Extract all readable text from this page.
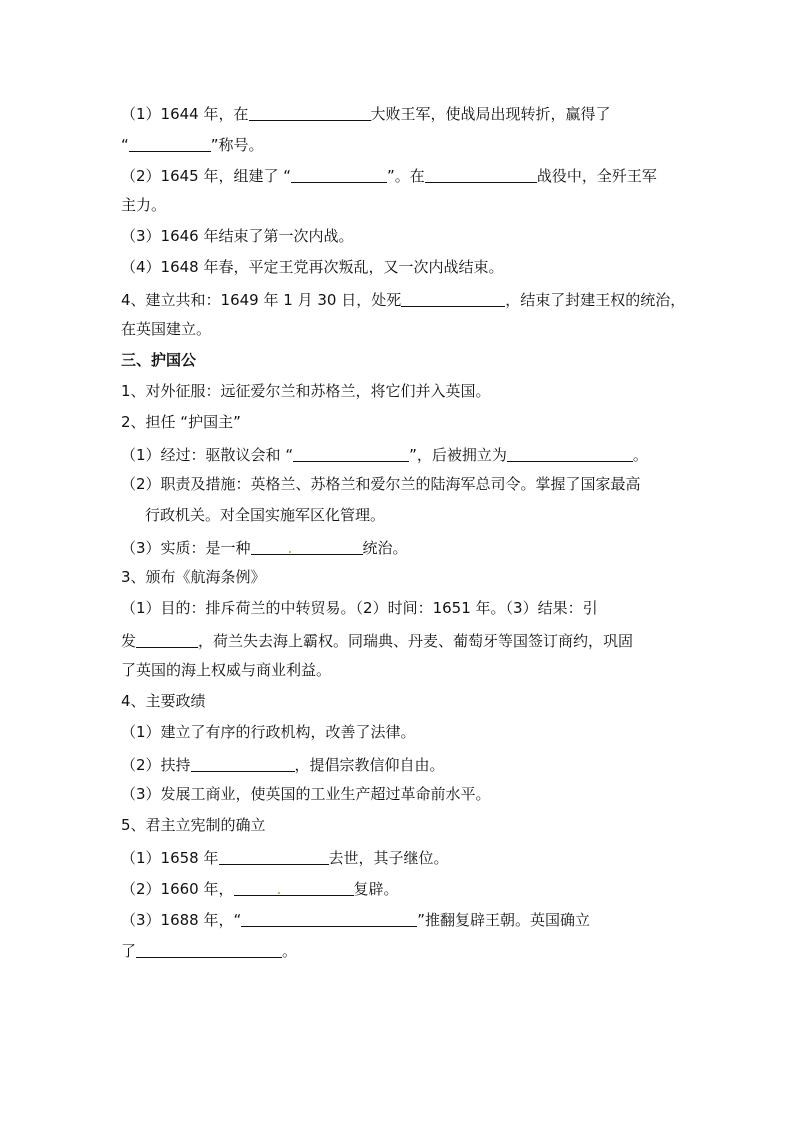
（1）1644 年，在	大败王军，使战局出现转折，赢得了
“	”称号。
（2）1645 年，组建了 “	”。在	战役中，全歼王军
主力。
（3）1646 年结束了第一次内战。
（4）1648 年春，平定王党再次叛乱，又一次内战结束。
4、建立共和：1649 年 1 月 30 日，处死	，结束了封建王权的统治，
在英国建立。
三、护国公
1、对外征服：远征爱尔兰和苏格兰，将它们并入英国。
2、担任 “护国主”
（1）经过：驱散议会和 “	”，后被拥立为	。
（2）职责及措施：英格兰、苏格兰和爱尔兰的陆海军总司令。掌握了国家最高
行政机关。对全国实施军区化管理。
（3）实质：是一种	统治。
3、颁布《航海条例》
（1）目的：排斥荷兰的中转贸易。（2）时间：1651 年。（3）结果：引
发	，荷兰失去海上霸权。同瑞典、丹麦、葡萄牙等国签订商约，巩固
了英国的海上权威与商业利益。
4、主要政绩
（1）建立了有序的行政机构，改善了法律。
（2）扶持	，提倡宗教信仰自由。
（3）发展工商业，使英国的工业生产超过革命前水平。
5、君主立宪制的确立
（1）1658 年	去世，其子继位。
（2）1660 年，	复辟。
（3）1688 年，“	”推翻复辟王朝。英国确立
了	。
